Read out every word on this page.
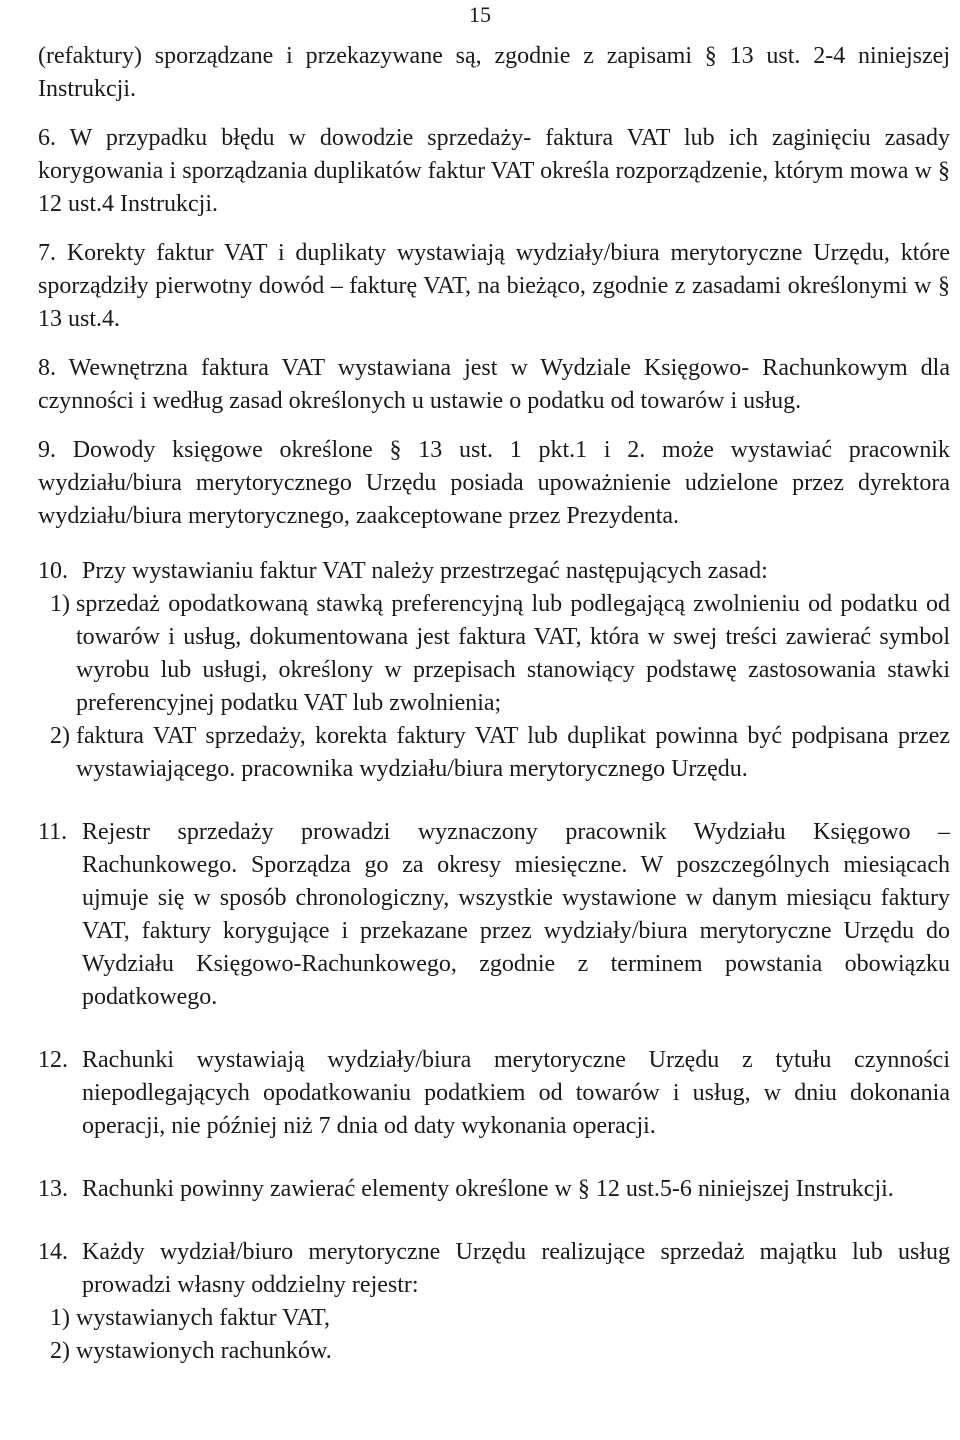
15

(refaktury) sporządzane i przekazywane są, zgodnie z zapisami § 13 ust. 2-4 niniejszej Instrukcji.

6. W przypadku błędu w dowodzie sprzedaży- faktura VAT lub ich zaginięciu zasady korygowania i sporządzania duplikatów faktur VAT określa rozporządzenie, którym mowa w § 12 ust.4 Instrukcji.

7. Korekty faktur VAT i duplikaty wystawiają wydziały/biura merytoryczne Urzędu, które sporządziły pierwotny dowód – fakturę VAT, na bieżąco, zgodnie z zasadami określonymi w § 13 ust.4.

8. Wewnętrzna faktura VAT wystawiana jest w Wydziale Księgowo- Rachunkowym dla czynności i według zasad określonych u ustawie o podatku od towarów i usług.

9. Dowody księgowe określone § 13 ust. 1 pkt.1 i 2. może wystawiać pracownik wydziału/biura merytorycznego Urzędu posiada upoważnienie udzielone przez dyrektora wydziału/biura merytorycznego, zaakceptowane przez Prezydenta.

10. Przy wystawianiu faktur VAT należy przestrzegać następujących zasad:
1) sprzedaż opodatkowaną stawką preferencyjną lub podlegającą zwolnieniu od podatku od towarów i usług, dokumentowana jest faktura VAT, która w swej treści zawierać symbol wyrobu lub usługi, określony w przepisach stanowiący podstawę zastosowania stawki preferencyjnej podatku VAT lub zwolnienia;
2) faktura VAT sprzedaży, korekta faktury VAT lub duplikat powinna być podpisana przez wystawiającego. pracownika wydziału/biura merytorycznego Urzędu.
11. Rejestr sprzedaży prowadzi wyznaczony pracownik Wydziału Księgowo – Rachunkowego. Sporządza go za okresy miesięczne. W poszczególnych miesiącach ujmuje się w sposób chronologiczny, wszystkie wystawione w danym miesiącu faktury VAT, faktury korygujące i przekazane przez wydziały/biura merytoryczne Urzędu do Wydziału Księgowo-Rachunkowego, zgodnie z terminem powstania obowiązku podatkowego.
12. Rachunki wystawiają wydziały/biura merytoryczne Urzędu z tytułu czynności niepodlegających opodatkowaniu podatkiem od towarów i usług, w dniu dokonania operacji, nie później niż 7 dnia od daty wykonania operacji.
13. Rachunki powinny zawierać elementy określone w § 12 ust.5-6 niniejszej Instrukcji.
14. Każdy wydział/biuro merytoryczne Urzędu realizujące sprzedaż majątku lub usług prowadzi własny oddzielny rejestr:
1) wystawianych faktur VAT,
2) wystawionych rachunków.
